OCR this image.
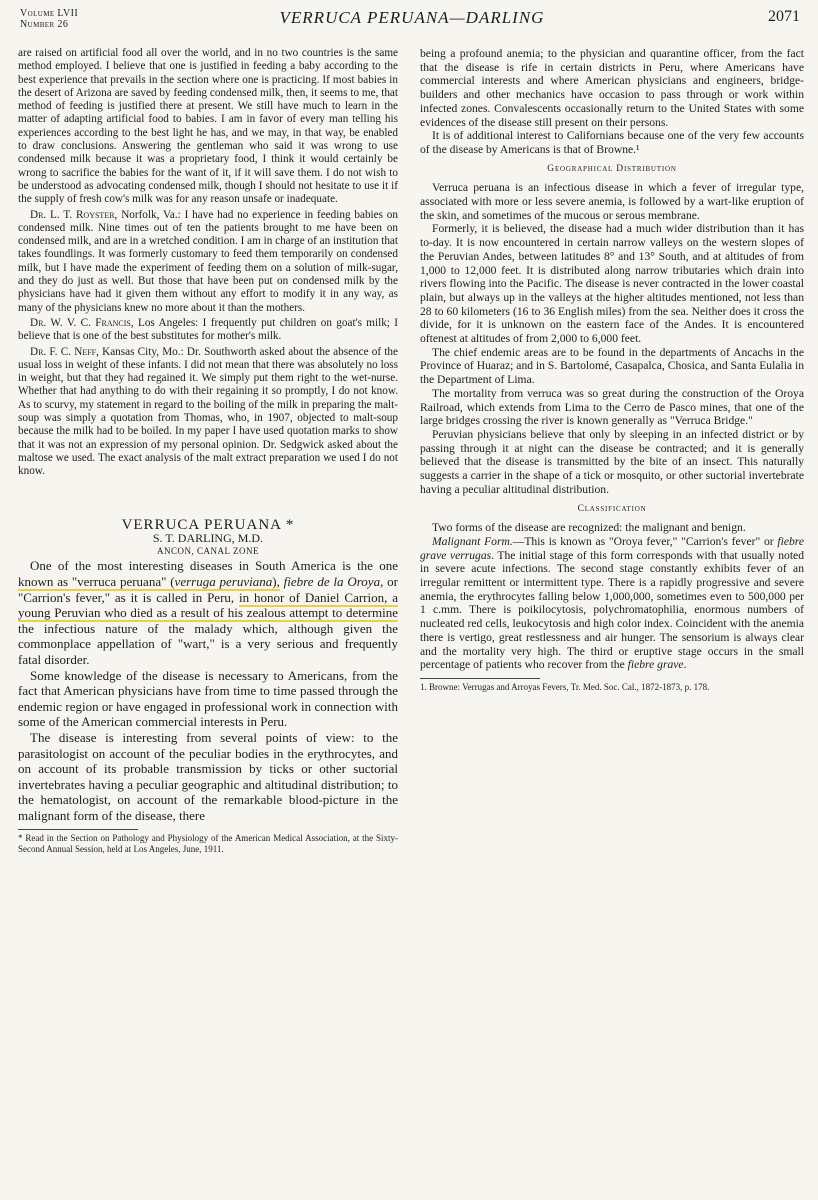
Volume LVII
Number 26	VERRUCA PERUANA—DARLING	2071

are raised on artificial food all over the world, and in no two countries is the same method employed. I believe that one is justified in feeding a baby according to the best experience that prevails in the section where one is practicing. If most babies in the desert of Arizona are saved by feeding condensed milk, then, it seems to me, that method of feeding is justified there at present. We still have much to learn in the matter of adapting artificial food to babies. I am in favor of every man telling his experiences according to the best light he has, and we may, in that way, be enabled to draw conclusions. Answering the gentleman who said it was wrong to use condensed milk because it was a proprietary food, I think it would certainly be wrong to sacrifice the babies for the want of it, if it will save them. I do not wish to be understood as advocating condensed milk, though I should not hesitate to use it if the supply of fresh cow's milk was for any reason unsafe or inadequate.

Dr. L. T. Royster, Norfolk, Va.: I have had no experience in feeding babies on condensed milk. Nine times out of ten the patients brought to me have been on condensed milk, and are in a wretched condition. I am in charge of an institution that takes foundlings. It was formerly customary to feed them temporarily on condensed milk, but I have made the experiment of feeding them on a solution of milk-sugar, and they do just as well. But those that have been put on condensed milk by the physicians have had it given them without any effort to modify it in any way, as many of the physicians knew no more about it than the mothers.

Dr. W. V. C. Francis, Los Angeles: I frequently put children on goat's milk; I believe that is one of the best substitutes for mother's milk.

Dr. F. C. Neff, Kansas City, Mo.: Dr. Southworth asked about the absence of the usual loss in weight of these infants. I did not mean that there was absolutely no loss in weight, but that they had regained it. We simply put them right to the wet-nurse. Whether that had anything to do with their regaining it so promptly, I do not know. As to scurvy, my statement in regard to the boiling of the milk in preparing the malt-soup was simply a quotation from Thomas, who, in 1907, objected to malt-soup because the milk had to be boiled. In my paper I have used quotation marks to show that it was not an expression of my personal opinion. Dr. Sedgwick asked about the maltose we used. The exact analysis of the malt extract preparation we used I do not know.

VERRUCA PERUANA *

S. T. DARLING, M.D.

ANCON, CANAL ZONE

One of the most interesting diseases in South America is the one known as "verruca peruana" (verruga peruviana), fiebre de la Oroya, or "Carrion's fever," as it is called in Peru, in honor of Daniel Carrion, a young Peruvian who died as a result of his zealous attempt to determine the infectious nature of the malady which, although given the commonplace appellation of "wart," is a very serious and frequently fatal disorder.

Some knowledge of the disease is necessary to Americans, from the fact that American physicians have from time to time passed through the endemic region or have engaged in professional work in connection with some of the American commercial interests in Peru.

The disease is interesting from several points of view: to the parasitologist on account of the peculiar bodies in the erythrocytes, and on account of its probable transmission by ticks or other suctorial invertebrates having a peculiar geographic and altitudinal distribution; to the hematologist, on account of the remarkable blood-picture in the malignant form of the disease, there

* Read in the Section on Pathology and Physiology of the American Medical Association, at the Sixty-Second Annual Session, held at Los Angeles, June, 1911.

being a profound anemia; to the physician and quarantine officer, from the fact that the disease is rife in certain districts in Peru, where Americans have commercial interests and where American physicians and engineers, bridge-builders and other mechanics have occasion to pass through or work within infected zones. Convalescents occasionally return to the United States with some evidences of the disease still present on their persons.

It is of additional interest to Californians because one of the very few accounts of the disease by Americans is that of Browne.¹

Geographical Distribution

Verruca peruana is an infectious disease in which a fever of irregular type, associated with more or less severe anemia, is followed by a wart-like eruption of the skin, and sometimes of the mucous or serous membrane.

Formerly, it is believed, the disease had a much wider distribution than it has to-day. It is now encountered in certain narrow valleys on the western slopes of the Peruvian Andes, between latitudes 8° and 13° South, and at altitudes of from 1,000 to 12,000 feet. It is distributed along narrow tributaries which drain into rivers flowing into the Pacific. The disease is never contracted in the lower coastal plain, but always up in the valleys at the higher altitudes mentioned, not less than 28 to 60 kilometers (16 to 36 English miles) from the sea. Neither does it cross the divide, for it is unknown on the eastern face of the Andes. It is encountered oftenest at altitudes of from 2,000 to 6,000 feet.

The chief endemic areas are to be found in the departments of Ancachs in the Province of Huaraz; and in S. Bartolomé, Casapalca, Chosica, and Santa Eulalia in the Department of Lima.

The mortality from verruca was so great during the construction of the Oroya Railroad, which extends from Lima to the Cerro de Pasco mines, that one of the large bridges crossing the river is known generally as "Verruca Bridge."

Peruvian physicians believe that only by sleeping in an infected district or by passing through it at night can the disease be contracted; and it is generally believed that the disease is transmitted by the bite of an insect. This naturally suggests a carrier in the shape of a tick or mosquito, or other suctorial invertebrate having a peculiar altitudinal distribution.

Classification

Two forms of the disease are recognized: the malignant and benign.

Malignant Form.—This is known as "Oroya fever," "Carrion's fever" or fiebre grave verrugas. The initial stage of this form corresponds with that usually noted in severe acute infections. The second stage constantly exhibits fever of an irregular remittent or intermittent type. There is a rapidly progressive and severe anemia, the erythrocytes falling below 1,000,000, sometimes even to 500,000 per 1 c.mm. There is poikilocytosis, polychromatophilia, enormous numbers of nucleated red cells, leukocytosis and high color index. Coincident with the anemia there is vertigo, great restlessness and air hunger. The sensorium is always clear and the mortality very high. The third or eruptive stage occurs in the small percentage of patients who recover from the fiebre grave.

1. Browne: Verrugas and Arroyas Fevers, Tr. Med. Soc. Cal., 1872-1873, p. 178.
